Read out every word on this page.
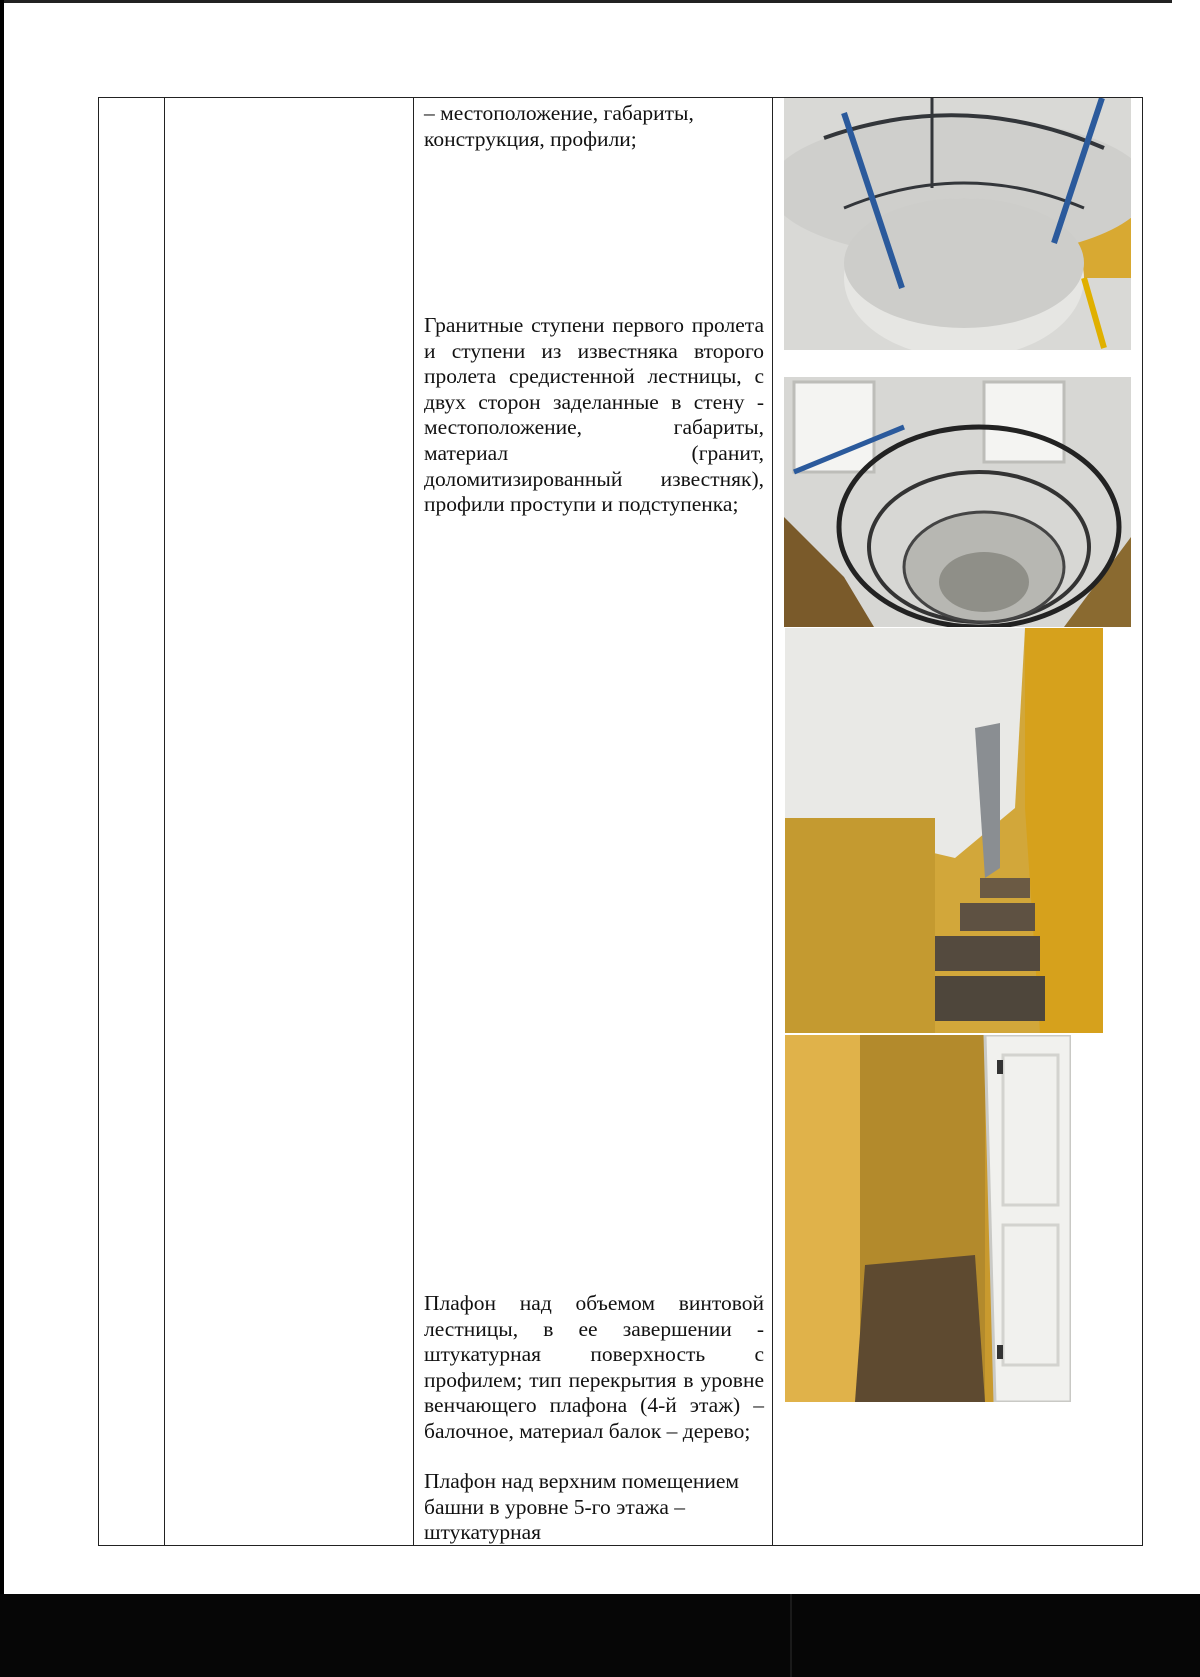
– местоположение, габариты, конструкция, профили;

Гранитные ступени первого пролета и ступени из известняка второго пролета средистенной лестницы, с двух сторон заделанные в стену - местоположение, габариты, материал (гранит, доломитизированный известняк), профили проступи и подступенка;

Плафон над объемом винтовой лестницы, в ее завершении - штукатурная поверхность с профилем; тип перекрытия в уровне венчающего плафона (4-й этаж) – балочное, материал балок – дерево;

Плафон над верхним помещением башни в уровне 5-го этажа – штукатурная
